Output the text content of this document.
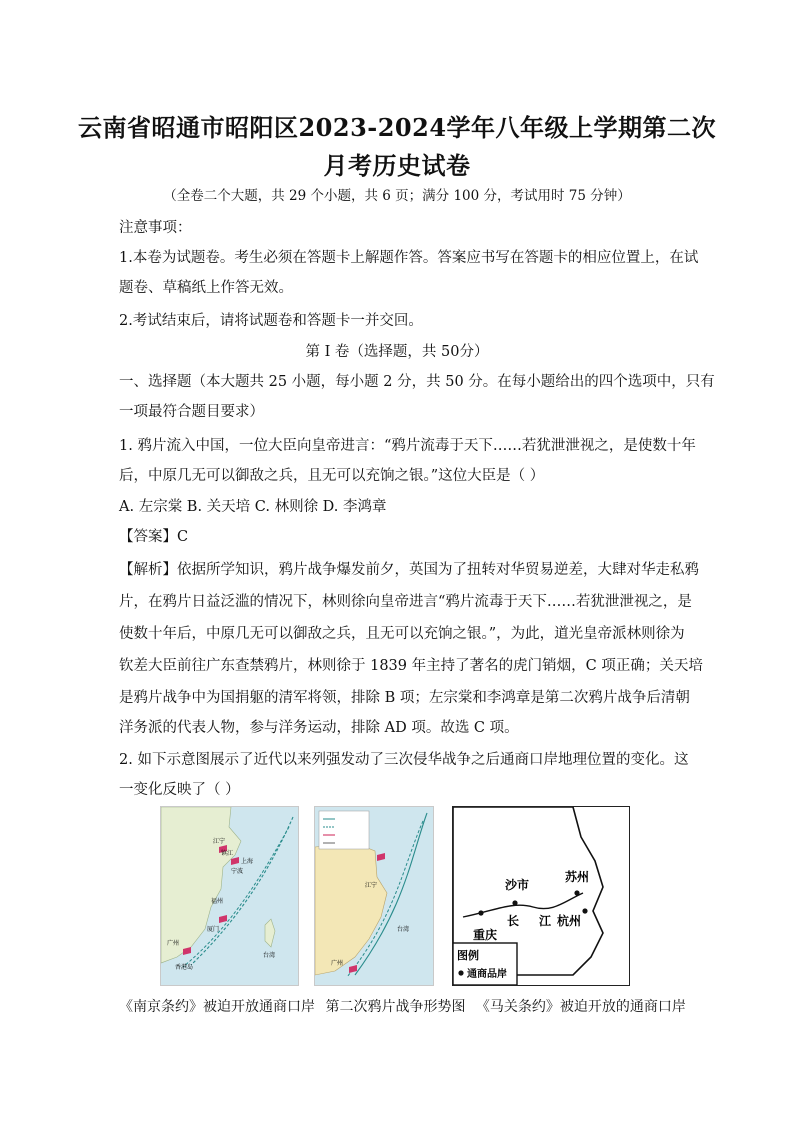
云南省昭通市昭阳区2023-2024学年八年级上学期第二次
月考历史试卷
（全卷二个大题，共 29 个小题，共 6 页；满分 100 分，考试用时 75 分钟）
注意事项：
1.本卷为试题卷。考生必须在答题卡上解题作答。答案应书写在答题卡的相应位置上，在试
题卷、草稿纸上作答无效。
2.考试结束后，请将试题卷和答题卡一并交回。
第 I 卷（选择题，共 50分）
一、选择题（本大题共 25 小题，每小题 2 分，共 50 分。在每小题给出的四个选项中，只有
一项最符合题目要求）
1. 鸦片流入中国，一位大臣向皇帝进言：“鸦片流毒于天下……若犹泄泄视之，是使数十年
后，中原几无可以御敌之兵，且无可以充饷之银。”这位大臣是（ ）
A. 左宗棠 B. 关天培 C. 林则徐 D. 李鸿章
【答案】C
【解析】依据所学知识，鸦片战争爆发前夕，英国为了扭转对华贸易逆差，大肆对华走私鸦
片，在鸦片日益泛滥的情况下，林则徐向皇帝进言“鸦片流毒于天下……若犹泄泄视之，是
使数十年后，中原几无可以御敌之兵，且无可以充饷之银。”，为此，道光皇帝派林则徐为
钦差大臣前往广东查禁鸦片，林则徐于 1839 年主持了著名的虎门销烟，C 项正确；关天培
是鸦片战争中为国捐躯的清军将领，排除 B 项；左宗棠和李鸿章是第二次鸦片战争后清朝
洋务派的代表人物，参与洋务运动，排除 AD 项。故选 C 项。
2. 如下示意图展示了近代以来列强发动了三次侵华战争之后通商口岸地理位置的变化。这
一变化反映了（ ）
江宁
镇江
上海
宁波
福州
厦门
广州
香港岛
台湾
江宁
台湾
广州
沙市
苏州
重庆
长 江 杭州
图例
通商品岸
《南京条约》被迫开放通商口岸 第二次鸦片战争形势图 《马关条约》被迫开放的通商口岸
